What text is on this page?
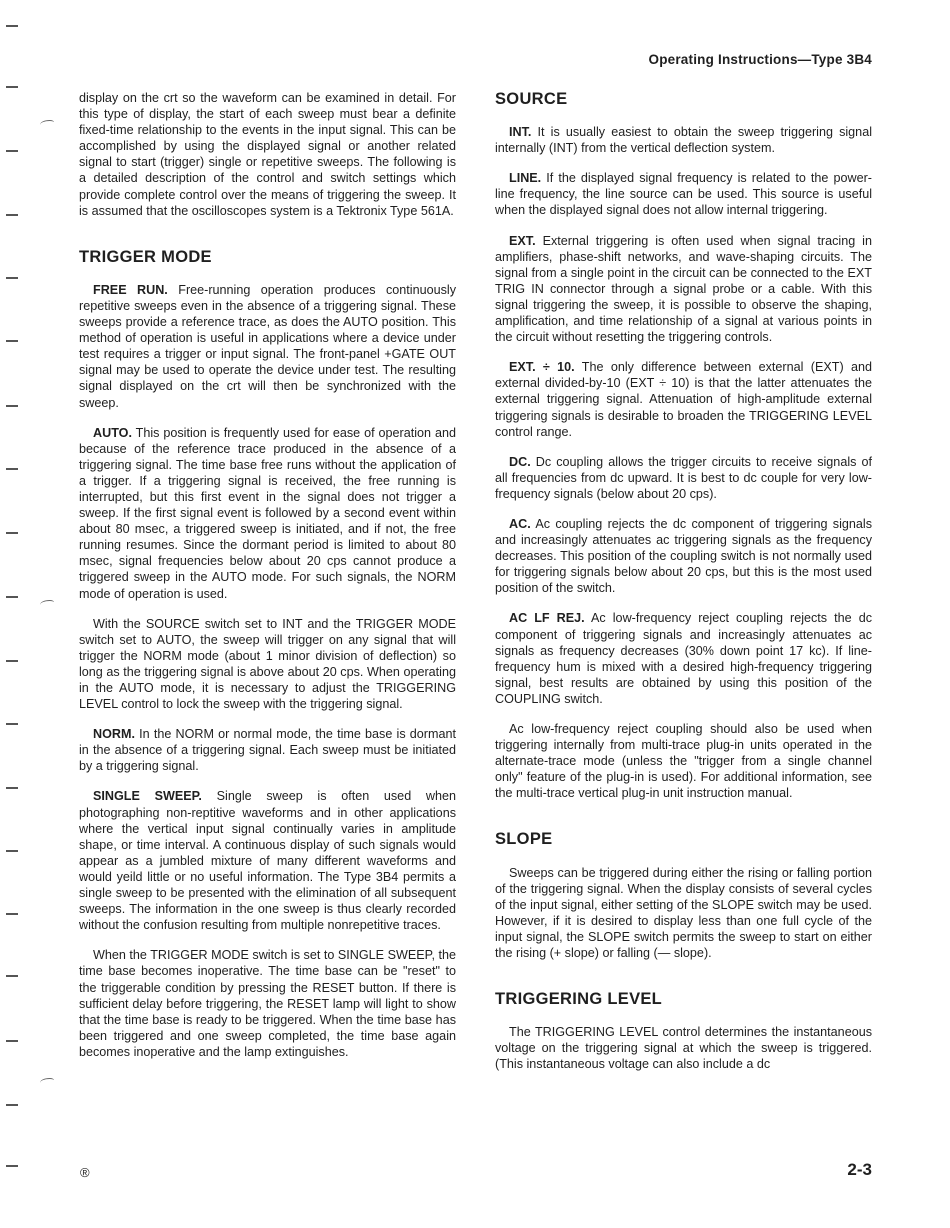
Operating Instructions—Type 3B4

display on the crt so the waveform can be examined in detail. For this type of display, the start of each sweep must bear a definite fixed-time relationship to the events in the input signal. This can be accomplished by using the displayed signal or another related signal to start (trigger) single or repetitive sweeps. The following is a detailed description of the control and switch settings which provide complete control over the means of triggering the sweep. It is assumed that the oscilloscopes system is a Tektronix Type 561A.

TRIGGER MODE

FREE RUN. Free-running operation produces continuously repetitive sweeps even in the absence of a triggering signal. These sweeps provide a reference trace, as does the AUTO position. This method of operation is useful in applications where a device under test requires a trigger or input signal. The front-panel +GATE OUT signal may be used to operate the device under test. The resulting signal displayed on the crt will then be synchronized with the sweep.

AUTO. This position is frequently used for ease of operation and because of the reference trace produced in the absence of a triggering signal. The time base free runs without the application of a trigger. If a triggering signal is received, the free running is interrupted, but this first event in the signal does not trigger a sweep. If the first signal event is followed by a second event within about 80 msec, a triggered sweep is initiated, and if not, the free running resumes. Since the dormant period is limited to about 80 msec, signal frequencies below about 20 cps cannot produce a triggered sweep in the AUTO mode. For such signals, the NORM mode of operation is used.

With the SOURCE switch set to INT and the TRIGGER MODE switch set to AUTO, the sweep will trigger on any signal that will trigger the NORM mode (about 1 minor division of deflection) so long as the triggering signal is above about 20 cps. When operating in the AUTO mode, it is necessary to adjust the TRIGGERING LEVEL control to lock the sweep with the triggering signal.

NORM. In the NORM or normal mode, the time base is dormant in the absence of a triggering signal. Each sweep must be initiated by a triggering signal.

SINGLE SWEEP. Single sweep is often used when photographing non-reptitive waveforms and in other applications where the vertical input signal continually varies in amplitude shape, or time interval. A continuous display of such signals would appear as a jumbled mixture of many different waveforms and would yeild little or no useful information. The Type 3B4 permits a single sweep to be presented with the elimination of all subsequent sweeps. The information in the one sweep is thus clearly recorded without the confusion resulting from multiple nonrepetitive traces.

When the TRIGGER MODE switch is set to SINGLE SWEEP, the time base becomes inoperative. The time base can be "reset" to the triggerable condition by pressing the RESET button. If there is sufficient delay before triggering, the RESET lamp will light to show that the time base is ready to be triggered. When the time base has been triggered and one sweep completed, the time base again becomes inoperative and the lamp extinguishes.

SOURCE

INT. It is usually easiest to obtain the sweep triggering signal internally (INT) from the vertical deflection system.

LINE. If the displayed signal frequency is related to the power-line frequency, the line source can be used. This source is useful when the displayed signal does not allow internal triggering.

EXT. External triggering is often used when signal tracing in amplifiers, phase-shift networks, and wave-shaping circuits. The signal from a single point in the circuit can be connected to the EXT TRIG IN connector through a signal probe or a cable. With this signal triggering the sweep, it is possible to observe the shaping, amplification, and time relationship of a signal at various points in the circuit without resetting the triggering controls.

EXT. ÷ 10. The only difference between external (EXT) and external divided-by-10 (EXT ÷ 10) is that the latter attenuates the external triggering signal. Attenuation of high-amplitude external triggering signals is desirable to broaden the TRIGGERING LEVEL control range.

DC. Dc coupling allows the trigger circuits to receive signals of all frequencies from dc upward. It is best to dc couple for very low-frequency signals (below about 20 cps).

AC. Ac coupling rejects the dc component of triggering signals and increasingly attenuates ac triggering signals as the frequency decreases. This position of the coupling switch is not normally used for triggering signals below about 20 cps, but this is the most used position of the switch.

AC LF REJ. Ac low-frequency reject coupling rejects the dc component of triggering signals and increasingly attenuates ac signals as frequency decreases (30% down point 17 kc). If line-frequency hum is mixed with a desired high-frequency triggering signal, best results are obtained by using this position of the COUPLING switch.

Ac low-frequency reject coupling should also be used when triggering internally from multi-trace plug-in units operated in the alternate-trace mode (unless the "trigger from a single channel only" feature of the plug-in is used). For additional information, see the multi-trace vertical plug-in unit instruction manual.

SLOPE

Sweeps can be triggered during either the rising or falling portion of the triggering signal. When the display consists of several cycles of the input signal, either setting of the SLOPE switch may be used. However, if it is desired to display less than one full cycle of the input signal, the SLOPE switch permits the sweep to start on either the rising (+ slope) or falling (— slope).

TRIGGERING LEVEL

The TRIGGERING LEVEL control determines the instantaneous voltage on the triggering signal at which the sweep is triggered. (This instantaneous voltage can also include a dc

®	2-3
